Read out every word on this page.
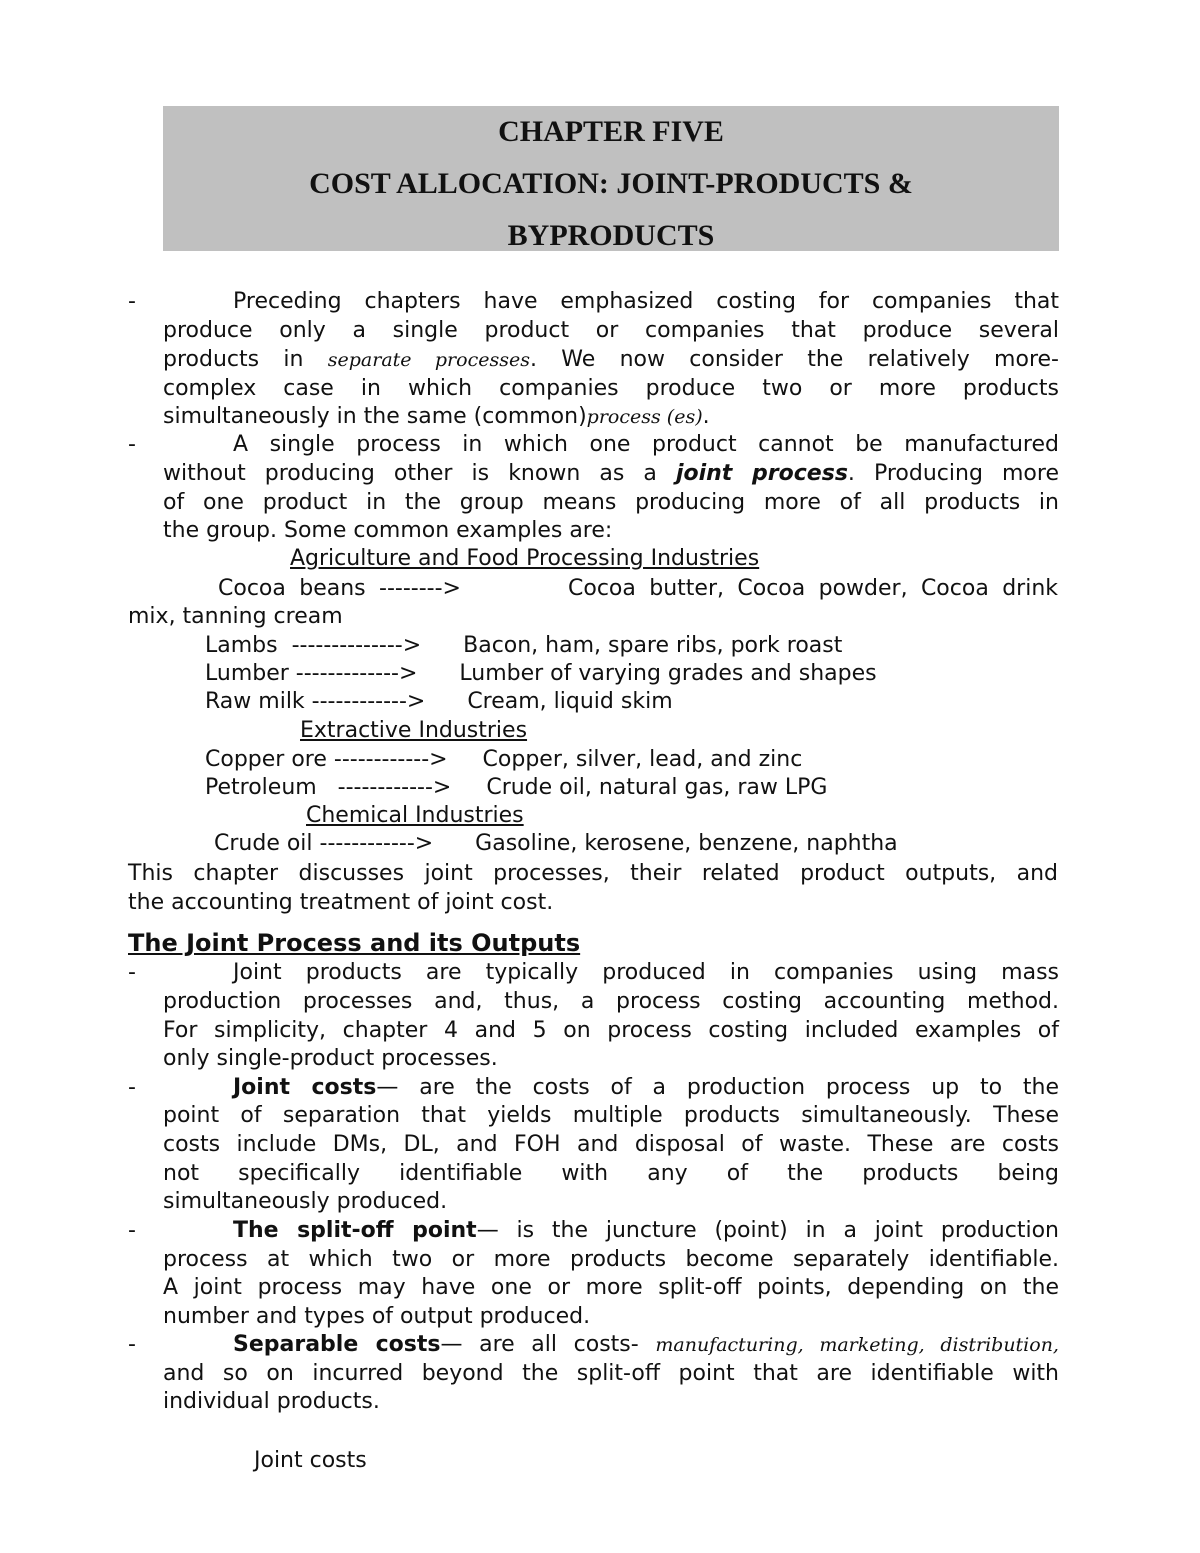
CHAPTER FIVE
COST ALLOCATION: JOINT-PRODUCTS &
BYPRODUCTS
-	Preceding chapters have emphasized costing for companies that
produce only a single product or companies that produce several
products in separate processes. We now consider the relatively more-
complex case in which companies produce two or more products
simultaneously in the same (common)process (es).
-	A single process in which one product cannot be manufactured
without producing other is known as a joint process. Producing more
of one product in the group means producing more of all products in
the group. Some common examples are:
Agriculture and Food Processing Industries
Cocoa beans -------->        Cocoa butter, Cocoa powder, Cocoa drink
mix, tanning cream
Lambs  -------------->      Bacon, ham, spare ribs, pork roast
Lumber ------------->      Lumber of varying grades and shapes
Raw milk ------------>      Cream, liquid skim
Extractive Industries
Copper ore ------------>     Copper, silver, lead, and zinc
Petroleum   ------------>     Crude oil, natural gas, raw LPG
Chemical Industries
Crude oil ------------>      Gasoline, kerosene, benzene, naphtha
This chapter discusses joint processes, their related product outputs, and
the accounting treatment of joint cost.
The Joint Process and its Outputs
-	Joint products are typically produced in companies using mass
production processes and, thus, a process costing accounting method.
For simplicity, chapter 4 and 5 on process costing included examples of
only single-product processes.
-	Joint costs— are the costs of a production process up to the
point of separation that yields multiple products simultaneously. These
costs include DMs, DL, and FOH and disposal of waste. These are costs
not specifically identifiable with any of the products being
simultaneously produced.
-	The split-off point— is the juncture (point) in a joint production
process at which two or more products become separately identifiable.
A joint process may have one or more split-off points, depending on the
number and types of output produced.
-	Separable costs— are all costs- manufacturing, marketing, distribution,
and so on incurred beyond the split-off point that are identifiable with
individual products.
Joint costs
